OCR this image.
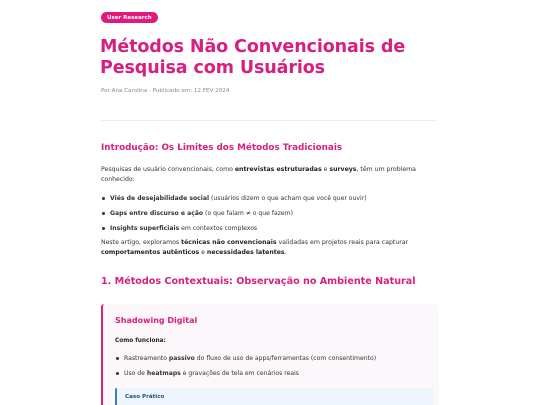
User Research
Métodos Não Convencionais de Pesquisa com Usuários
Por Ana Carolina · Publicado em: 12 FEV 2024
Introdução: Os Limites dos Métodos Tradicionais

Pesquisas de usuário convencionais, como entrevistas estruturadas e surveys, têm um problema conhecido:

Viés de desejabilidade social (usuários dizem o que acham que você quer ouvir)
Gaps entre discurso e ação (o que falam ≠ o que fazem)
Insights superficiais em contextos complexos

Neste artigo, exploramos técnicas não convencionais validadas em projetos reais para capturar comportamentos autênticos e necessidades latentes.

1. Métodos Contextuais: Observação no Ambiente Natural
Shadowing Digital
Como funciona:
Rastreamento passivo do fluxo de uso de apps/ferramentas (com consentimento)
Uso de heatmaps e gravações de tela em cenários reais
Caso Prático
